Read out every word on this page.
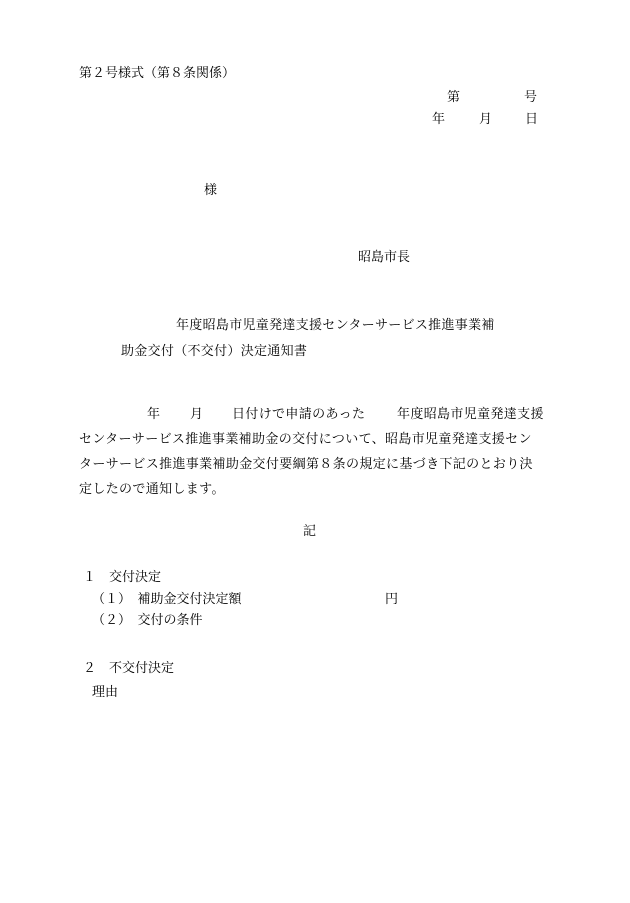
第２号様式（第８条関係）
第	号
年	月	日
様
昭島市長
年度昭島市児童発達支援センターサービス推進事業補
助金交付（不交付）決定通知書
年 月 日付けで申請のあった 年度昭島市児童発達支援
センターサービス推進事業補助金の交付について、昭島市児童発達支援セン
ターサービス推進事業補助金交付要綱第８条の規定に基づき下記のとおり決
定したので通知します。
記
１　交付決定
（１）　補助金交付決定額	円
（２）　交付の条件
２　不交付決定
理由
